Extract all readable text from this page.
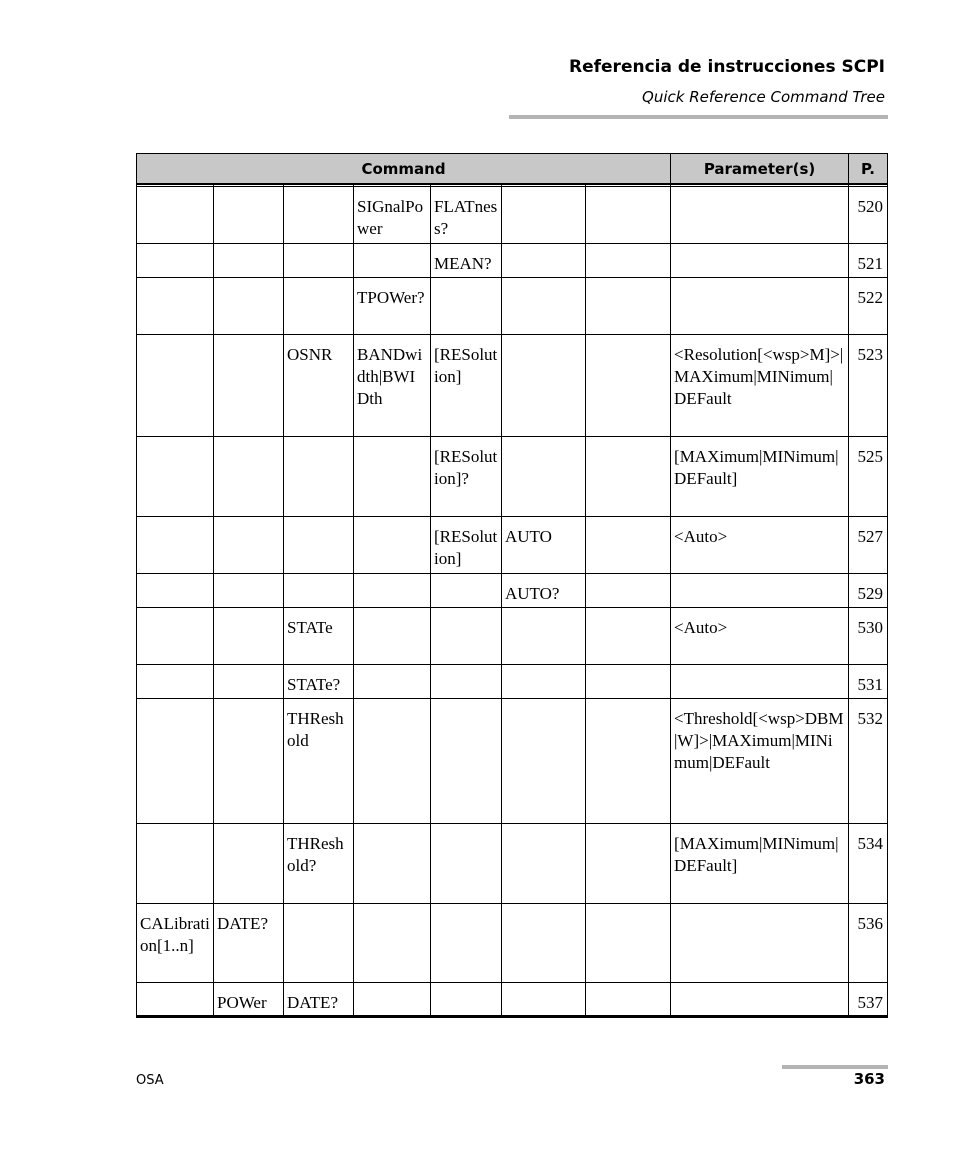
Referencia de instrucciones SCPI
Quick Reference Command Tree
Command							Parameter(s)	P.

			SIGnalPower	FLATness?				520
				MEAN?				521
			TPOWer?					522
		OSNR	BANDwidth|BWIDth	[RESolution]			<Resolution[<wsp>M]>|MAXimum|MINimum|DEFault	523
				[RESolution]?			[MAXimum|MINimum|DEFault]	525
				[RESolution]	AUTO		<Auto>	527
					AUTO?			529
		STATe					<Auto>	530
		STATe?						531
		THReshold					<Threshold[<wsp>DBM|W]>|MAXimum|MINimum|DEFault	532
		THReshold?					[MAXimum|MINimum|DEFault]	534
CALibration[1..n]	DATE?							536
	POWer	DATE?						537
OSA	363
